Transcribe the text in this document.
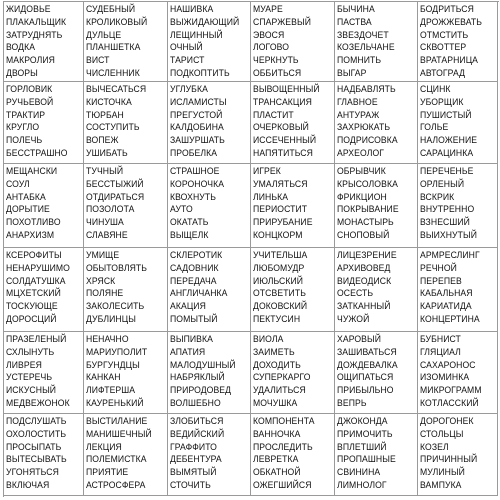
ЖИДОВЬЕ
ПЛАКАЛЬЩИК
ЗАТРУДНЯТЬ
ВОДКА
МАКРОЛИЯ
ДВОРЫ
СУДЕБНЫЙ
КРОЛИКОВЫЙ
ДУЛЬЦЕ
ПЛАНШЕТКА
ВИСТ
ЧИСЛЕННИК
НАШИВКА
ВЫЖИДАЮЩИЙ
ЛЕЩИННЫЙ
ОЧНЫЙ
ТАРИСТ
ПОДКОПТИТЬ
МУАРЕ
СПАРЖЕВЫЙ
ЭВОСЯ
ЛОГОВО
ЧЕРКНУТЬ
ОББИТЬСЯ
БЫЧИНА
ПАСТВА
ЗВЕЗДОЧЕТ
КОЗЕЛЬЧАНЕ
ПОМНИТЬ
ВЫГАР
БОДРИТЬСЯ
ДРОЖЖЕВАТЬ
ОТМСТИТЬ
СКВОТТЕР
ВРАТАРНИЦА
АВТОГРАД
ГОРЛОВИК
РУЧЬЕВОЙ
ТРАКТИР
КРУГЛО
ПОЛЕЧЬ
БЕССТРАШНО
ВЫЧЕСАТЬСЯ
КИСТОЧКА
ТЮРБАН
СОСТУПИТЬ
ВОПЕЖ
УШИБАТЬ
УГЛУБКА
ИСЛАМИСТЫ
ПРЕГУСТОЙ
КАЛДОБИНА
ЗАШУРШАТЬ
ПРОБЕЛКА
ВЫВОЩЕННЫЙ
ТРАНСАКЦИЯ
ПЛАСТИТ
ОЧЕРКОВЫЙ
ИССЕЧЕННЫЙ
НАПЯТИТЬСЯ
НАДБАВЛЯТЬ
ГЛАВНОЕ
АНТУРАЖ
ЗАХРЮКАТЬ
ПОДРИСОВКА
АРХЕОЛОГ
СЦИНК
УБОРЩИК
ПУШИСТЫЙ
ГОЛЬЕ
НАЛОЖЕНИЕ
САРАЦИНКА
МЕЩАНСКИ
СОУЛ
АНТАБКА
ДОРЫТИЕ
ПОХОТЛИВО
АНАРХИЗМ
ТУЧНЫЙ
БЕССТЫЖИЙ
ОТДИРАТЬСЯ
ПОЗОЛОТА
ЧИНУША
СЛАВЯНЕ
СТРАШНОЕ
КОРОНОЧКА
КВОХНУТЬ
АУТО
ОКАТАТЬ
ВЫЩЕЛК
ИГРЕК
УМАЛЯТЬСЯ
ЛИНЬКА
ПЕРИОСТИТ
ПРИРУБАНИЕ
КОНЦКОРМ
ОБРЫВЧИК
КРЫСОЛОВКА
ФРИКЦИОН
ПОКРЫВАНИЕ
МОНАСТЫРЬ
СНОПОВЫЙ
ПЕРЕЧЕНЬЕ
ОРЛЕНЫЙ
ВСКРИК
ВНУТРЕННО
ВЗНЕСШИЙ
ВЫИХНУТЫЙ
КСЕРОФИТЫ
НЕНАРУШИМО
СОЛДАТУШКА
МЦХЕТСКИЙ
ТОСКУЮЩЕ
ДОРОСЦИЙ
УМИЩЕ
ОБЫТОВЛЯТЬ
ХРЯСК
ПОЛЯНЕ
ЗАКОЛЕСИТЬ
ДУБЛИНЦЫ
СКЛЕРОТИК
САДОВНИК
ПЕРЕДАЧА
АНГЛИЧАНКА
АКАЦИЯ
ПОМЫТЫЙ
УЧИТЕЛЬША
ЛЮБОМУДР
ИЮЛЬСКИЙ
ОТСВЕТИТЬ
ДОКОВСКИЙ
ПЕКТУСИН
ЛИЦЕЗРЕНИЕ
АРХИВОВЕД
ВИДЕОДИСК
ОСЕСТЬ
ЗАТКАННЫЙ
ЧУЖОЙ
АРМРЕСЛИНГ
РЕЧНОЙ
ПЕРЕПЕВ
КАБАЛЬНАЯ
КАРИАТИДА
КОНЦЕРТИНА
ПРАЗЕЛЕНЫЙ
СХЛЫНУТЬ
ЛИВРЕЯ
УСТЕРЕЧЬ
ИСКУСНЫЙ
МЕДВЕЖОНОК
НЕНАЧНО
МАРИУПОЛИТ
БУРГУНДЦЫ
КАНКАН
ЛИФТЕРША
КАУРЕНЬКИЙ
ВЫПИВКА
АПАТИЯ
МАЛОДУШНЫЙ
НАБРЯКЛЫЙ
ПРИРОДОВЕД
ВОЛШЕБНО
ВИОЛА
ЗАИМЕТЬ
ДОХОДИТЬ
СУПЕРКАРГО
УДАЛИТЬСЯ
МОЧУШКА
ХАРОВЫЙ
ЗАШИВАТЬСЯ
ДОЖДЕВАЛКА
ОЩИПАТЬСЯ
ПРИБЫЛЬНО
ВЕПРЬ
БУБНИСТ
ГЛЯЦИАЛ
САХАРОНОС
ИЗОМИНКА
МИКРОГРАММ
КОТЛАССКИЙ
ПОДСЛУШАТЬ
ОХОЛОСТИТЬ
ПРОСЫПАТЬ
ВЫТЕСЫВАТЬ
УГОНЯТЬСЯ
ВКЛЮЧАЯ
ВЫСТИЛАНИЕ
МАНИШЕЧНЫЙ
ЛЕКЦИЯ
ПОЛЕМИСТКА
ПРИЯТИЕ
АСТРОСФЕРА
ЗЛОБИТЬСЯ
ВЕДИЙСКИЙ
ГРАФФИТО
ДЕБЕНТУРА
ВЫМЯТЫЙ
СТОЧИТЬ
КОМПОНЕНТА
ВАННОЧКА
ПРОСЛЕДИТЬ
ЛЕВРЕТКА
ОБКАТНОЙ
ОЖЕГШИЙСЯ
ДЖОКОНДА
ПРИМОЧИТЬ
ВПЛЕТШИЙ
ПРОПАШНЫЕ
СВИНИНА
ЛИМНОЛОГ
ДОРОГОНЕК
СТОЛЬЦЫ
КОЗЕЛ
ПРИЧИННЫЙ
МУЛИНЫЙ
ВАМПУКА
